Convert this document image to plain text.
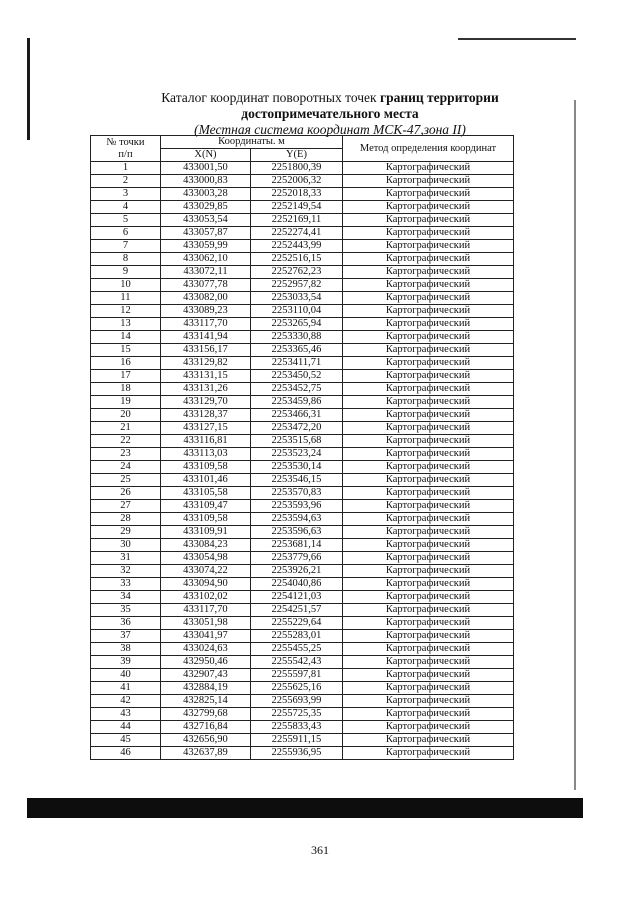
Каталог координат поворотных точек границ территории
достопримечательного места
(Местная система координат МСК-47,зона II)
№ точки
п/п	Координаты. м		Метод определения координат
	X(N)	Y(E)	
1	433001,50	2251800,39	Картографический
2	433000,83	2252006,32	Картографический
3	433003,28	2252018,33	Картографический
4	433029,85	2252149,54	Картографический
5	433053,54	2252169,11	Картографический
6	433057,87	2252274,41	Картографический
7	433059,99	2252443,99	Картографический
8	433062,10	2252516,15	Картографический
9	433072,11	2252762,23	Картографический
10	433077,78	2252957,82	Картографический
11	433082,00	2253033,54	Картографический
12	433089,23	2253110,04	Картографический
13	433117,70	2253265,94	Картографический
14	433141,94	2253330,88	Картографический
15	433156,17	2253365,46	Картографический
16	433129,82	2253411,71	Картографический
17	433131,15	2253450,52	Картографический
18	433131,26	2253452,75	Картографический
19	433129,70	2253459,86	Картографический
20	433128,37	2253466,31	Картографический
21	433127,15	2253472,20	Картографический
22	433116,81	2253515,68	Картографический
23	433113,03	2253523,24	Картографический
24	433109,58	2253530,14	Картографический
25	433101,46	2253546,15	Картографический
26	433105,58	2253570,83	Картографический
27	433109,47	2253593,96	Картографический
28	433109,58	2253594,63	Картографический
29	433109,91	2253596,63	Картографический
30	433084,23	2253681,14	Картографический
31	433054,98	2253779,66	Картографический
32	433074,22	2253926,21	Картографический
33	433094,90	2254040,86	Картографический
34	433102,02	2254121,03	Картографический
35	433117,70	2254251,57	Картографический
36	433051,98	2255229,64	Картографический
37	433041,97	2255283,01	Картографический
38	433024,63	2255455,25	Картографический
39	432950,46	2255542,43	Картографический
40	432907,43	2255597,81	Картографический
41	432884,19	2255625,16	Картографический
42	432825,14	2255693,99	Картографический
43	432799,68	2255725,35	Картографический
44	432716,84	2255833,43	Картографический
45	432656,90	2255911,15	Картографический
46	432637,89	2255936,95	Картографический
361
